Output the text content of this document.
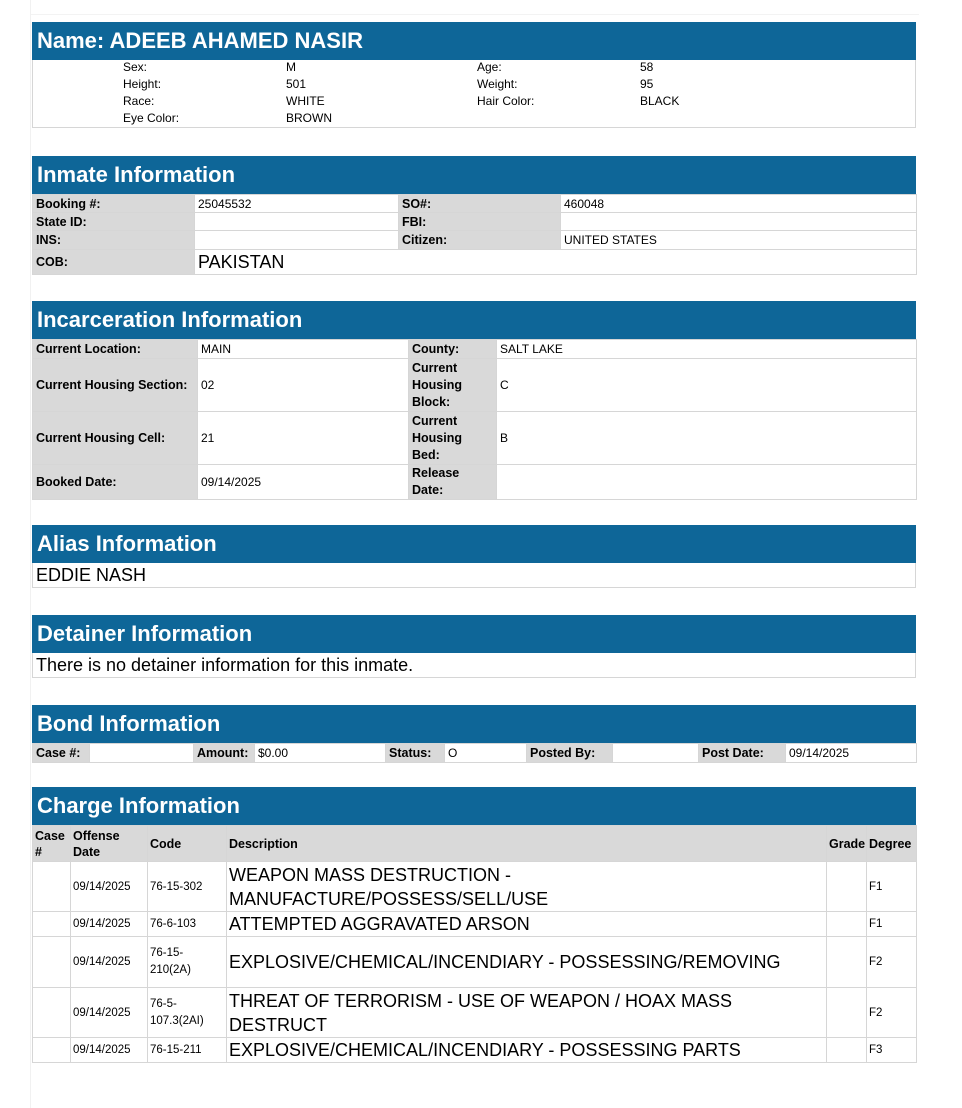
Name: ADEEB AHAMED NASIR
Sex:	M	Age:	58
Height:	501	Weight:	95
Race:	WHITE	Hair Color:	BLACK
Eye Color:	BROWN
Inmate Information
Booking #:	25045532	SO#:	460048
State ID:		FBI:	
INS:		Citizen:	UNITED STATES
COB:	PAKISTAN		
Incarceration Information
Current Location:	MAIN	County:	SALT LAKE
Current Housing Section:	02	Current Housing Block:	C
Current Housing Cell:	21	Current Housing Bed:	B
Booked Date:	09/14/2025	Release Date:	
Alias Information
EDDIE NASH
Detainer Information
There is no detainer information for this inmate.
Bond Information
Case #:		Amount:	$0.00	Status:	O	Posted By:		Post Date:	09/14/2025
Charge Information
Case #	Offense Date	Code	Description	Grade	Degree
	09/14/2025	76-15-302	WEAPON MASS DESTRUCTION - MANUFACTURE/POSSESS/SELL/USE		F1
	09/14/2025	76-6-103	ATTEMPTED AGGRAVATED ARSON		F1
	09/14/2025	76-15-210(2A)	EXPLOSIVE/CHEMICAL/INCENDIARY - POSSESSING/REMOVING		F2
	09/14/2025	76-5-107.3(2AI)	THREAT OF TERRORISM - USE OF WEAPON / HOAX MASS DESTRUCT		F2
	09/14/2025	76-15-211	EXPLOSIVE/CHEMICAL/INCENDIARY - POSSESSING PARTS		F3
